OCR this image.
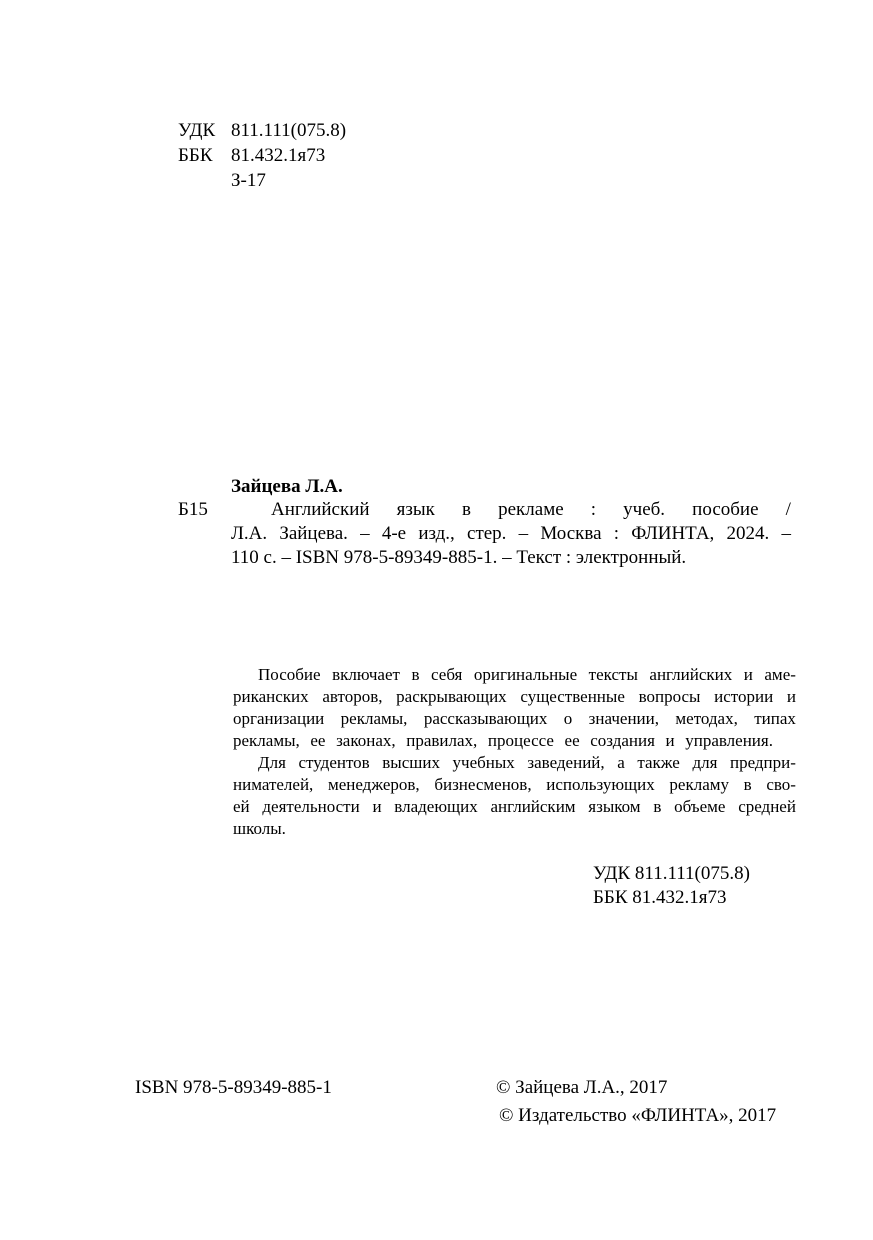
УДК 811.111(075.8)
ББК 81.432.1я73
З-17
Зайцева Л.А.
Б15	Английский язык в рекламе : учеб. пособие /
Л.А. Зайцева. – 4-е изд., стер. – Москва : ФЛИНТА, 2024. –
110 с. – ISBN 978-5-89349-885-1. – Текст : электронный.
Пособие включает в себя оригинальные тексты английских и аме-
риканских авторов, раскрывающих существенные вопросы истории и
организации рекламы, рассказывающих о значении, методах, типах
рекламы, ее законах, правилах, процессе ее создания и управления.
Для студентов высших учебных заведений, а также для предпри-
нимателей, менеджеров, бизнесменов, использующих рекламу в сво-
ей деятельности и владеющих английским языком в объеме средней
школы.
УДК 811.111(075.8)
ББК 81.432.1я73
ISBN 978-5-89349-885-1	© Зайцева Л.А., 2017
© Издательство «ФЛИНТА», 2017
